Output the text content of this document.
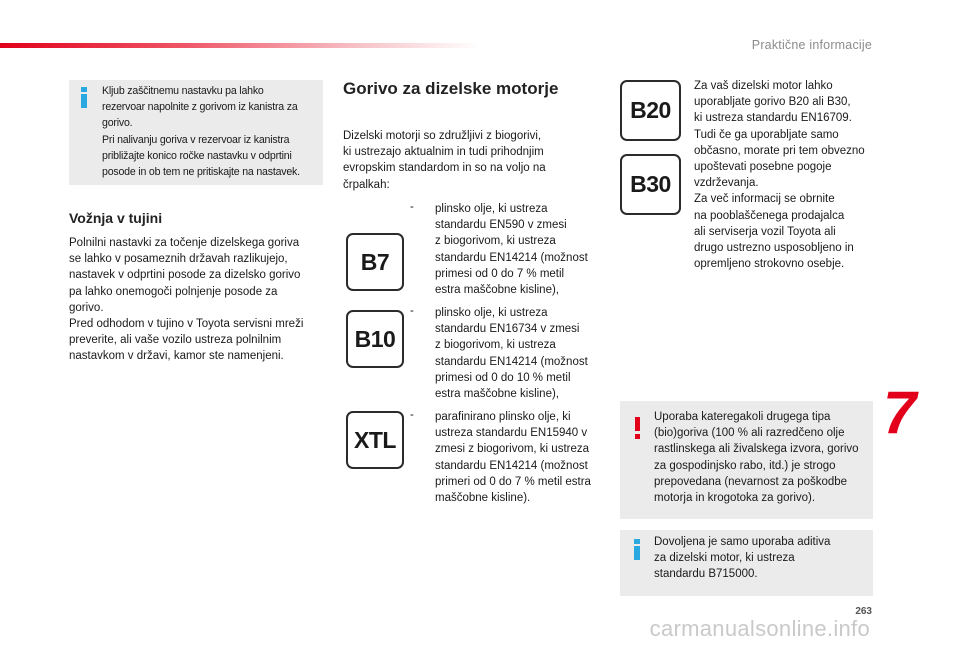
Praktične informacije
Kljub zaščitnemu nastavku pa lahko
rezervoar napolnite z gorivom iz kanistra za
gorivo.
Pri nalivanju goriva v rezervoar iz kanistra
približajte konico ročke nastavku v odprtini
posode in ob tem ne pritiskajte na nastavek.
Vožnja v tujini
Polnilni nastavki za točenje dizelskega goriva
se lahko v posameznih državah razlikujejo,
nastavek v odprtini posode za dizelsko gorivo
pa lahko onemogoči polnjenje posode za
gorivo.
Pred odhodom v tujino v Toyota servisni mreži
preverite, ali vaše vozilo ustreza polnilnim
nastavkom v državi, kamor ste namenjeni.
Gorivo za dizelske motorje
Dizelski motorji so združljivi z biogorivi,
ki ustrezajo aktualnim in tudi prihodnjim
evropskim standardom in so na voljo na
črpalkah:
B7
- plinsko olje, ki ustreza
standardu EN590 v zmesi
z biogorivom, ki ustreza
standardu EN14214 (možnost
primesi od 0 do 7 % metil
estra maščobne kisline),
B10
- plinsko olje, ki ustreza
standardu EN16734 v zmesi
z biogorivom, ki ustreza
standardu EN14214 (možnost
primesi od 0 do 10 % metil
estra maščobne kisline),
XTL
- parafinirano plinsko olje, ki
ustreza standardu EN15940 v
zmesi z biogorivom, ki ustreza
standardu EN14214 (možnost
primeri od 0 do 7 % metil estra
maščobne kisline).
B20
B30
Za vaš dizelski motor lahko
uporabljate gorivo B20 ali B30,
ki ustreza standardu EN16709.
Tudi če ga uporabljate samo
občasno, morate pri tem obvezno
upoštevati posebne pogoje
vzdrževanja.
Za več informacij se obrnite
na pooblaščenega prodajalca
ali serviserja vozil Toyota ali
drugo ustrezno usposobljeno in
opremljeno strokovno osebje.
Uporaba kateregakoli drugega tipa
(bio)goriva (100 % ali razredčeno olje
rastlinskega ali živalskega izvora, gorivo
za gospodinjsko rabo, itd.) je strogo
prepovedana (nevarnost za poškodbe
motorja in krogotoka za gorivo).
Dovoljena je samo uporaba aditiva
za dizelski motor, ki ustreza
standardu B715000.
7
263
carmanualsonline.info
